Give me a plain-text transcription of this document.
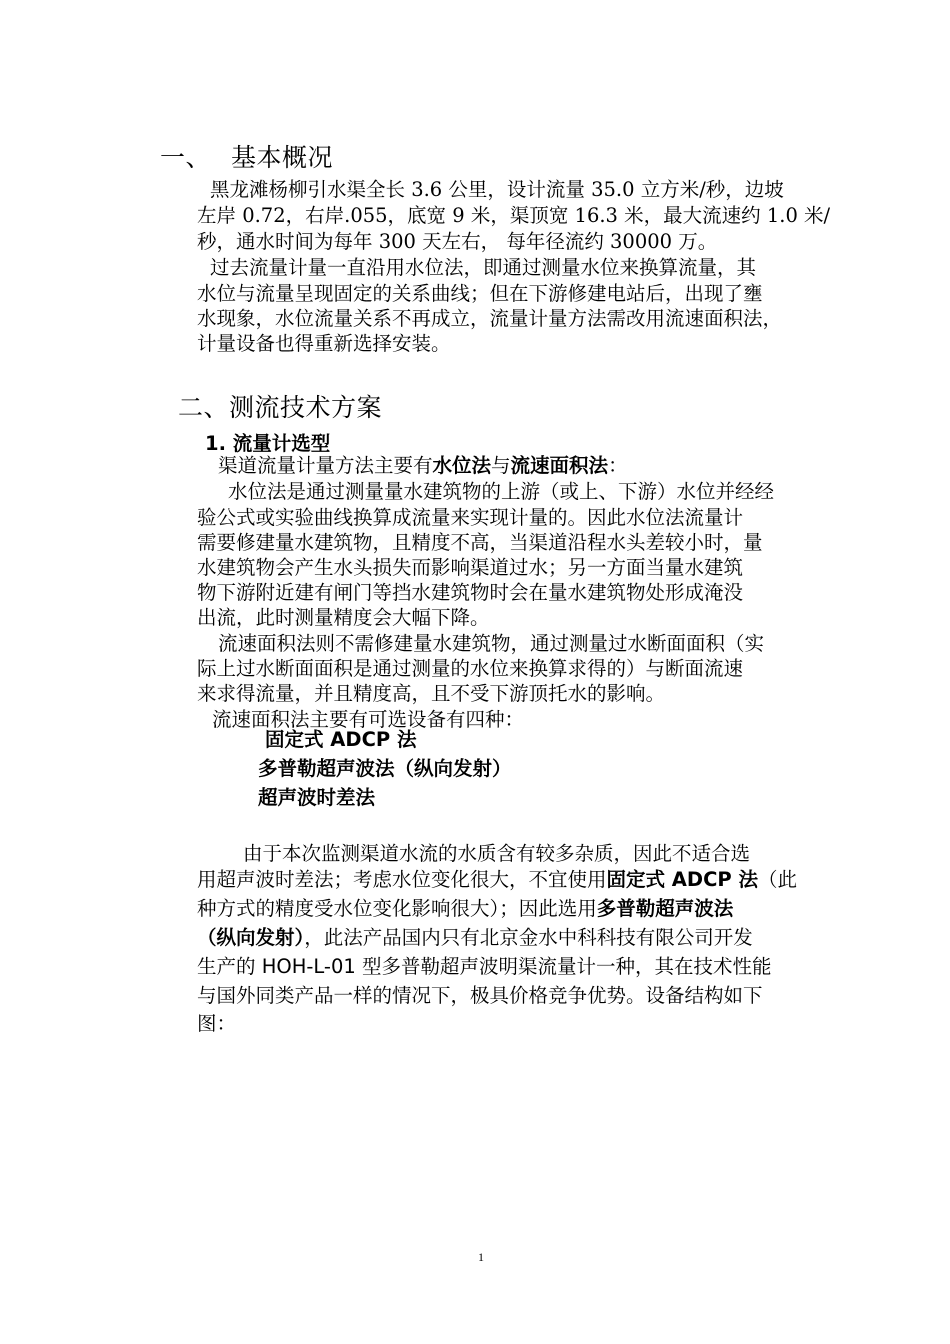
一、 基本概况
黑龙滩杨柳引水渠全长 3.6 公里，设计流量 35.0 立方米/秒，边坡
左岸 0.72，右岸.055，底宽 9 米，渠顶宽 16.3 米，最大流速约 1.0 米/
秒，通水时间为每年 300 天左右， 每年径流约 30000 万。
过去流量计量一直沿用水位法，即通过测量水位来换算流量，其
水位与流量呈现固定的关系曲线；但在下游修建电站后，出现了壅
水现象，水位流量关系不再成立，流量计量方法需改用流速面积法，
计量设备也得重新选择安装。
二、测流技术方案
1. 流量计选型
渠道流量计量方法主要有水位法与流速面积法：
水位法是通过测量量水建筑物的上游（或上、下游）水位并经经
验公式或实验曲线换算成流量来实现计量的。因此水位法流量计
需要修建量水建筑物，且精度不高，当渠道沿程水头差较小时，量
水建筑物会产生水头损失而影响渠道过水；另一方面当量水建筑
物下游附近建有闸门等挡水建筑物时会在量水建筑物处形成淹没
出流，此时测量精度会大幅下降。
流速面积法则不需修建量水建筑物，通过测量过水断面面积（实
际上过水断面面积是通过测量的水位来换算求得的）与断面流速
来求得流量，并且精度高，且不受下游顶托水的影响。
流速面积法主要有可选设备有四种：
固定式 ADCP 法
多普勒超声波法（纵向发射）
超声波时差法
由于本次监测渠道水流的水质含有较多杂质，因此不适合选
用超声波时差法；考虑水位变化很大，不宜使用固定式 ADCP 法（此
种方式的精度受水位变化影响很大）；因此选用多普勒超声波法
（纵向发射），此法产品国内只有北京金水中科科技有限公司开发
生产的 HOH-L-01 型多普勒超声波明渠流量计一种，其在技术性能
与国外同类产品一样的情况下，极具价格竞争优势。设备结构如下
图：
1
